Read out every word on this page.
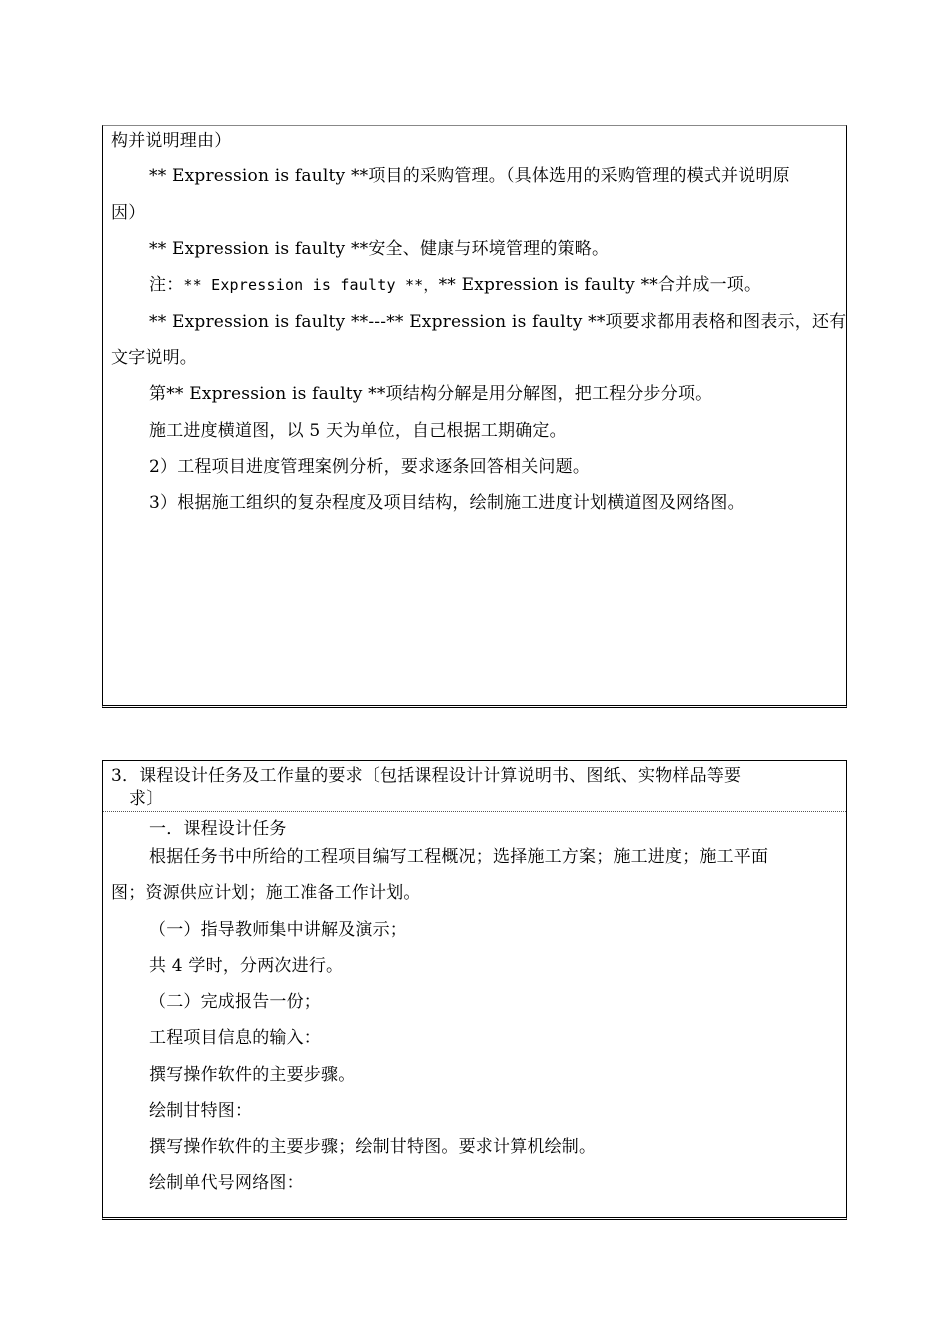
构并说明理由）
** Expression is faulty **项目的采购管理。（具体选用的采购管理的模式并说明原
因）
** Expression is faulty **安全、健康与环境管理的策略。
注：** Expression is faulty **，** Expression is faulty **合并成一项。
** Expression is faulty **---** Expression is faulty **项要求都用表格和图表示，还有
文字说明。
第** Expression is faulty **项结构分解是用分解图，把工程分步分项。
施工进度横道图，以 5 天为单位，自己根据工期确定。
2）工程项目进度管理案例分析，要求逐条回答相关问题。
3）根据施工组织的复杂程度及项目结构，绘制施工进度计划横道图及网络图。
3．课程设计任务及工作量的要求〔包括课程设计计算说明书、图纸、实物样品等要
求〕
一．课程设计任务
根据任务书中所给的工程项目编写工程概况；选择施工方案；施工进度；施工平面
图；资源供应计划；施工准备工作计划。
（一）指导教师集中讲解及演示；
共 4 学时，分两次进行。
（二）完成报告一份；
工程项目信息的输入：
撰写操作软件的主要步骤。
绘制甘特图：
撰写操作软件的主要步骤；绘制甘特图。要求计算机绘制。
绘制单代号网络图：
